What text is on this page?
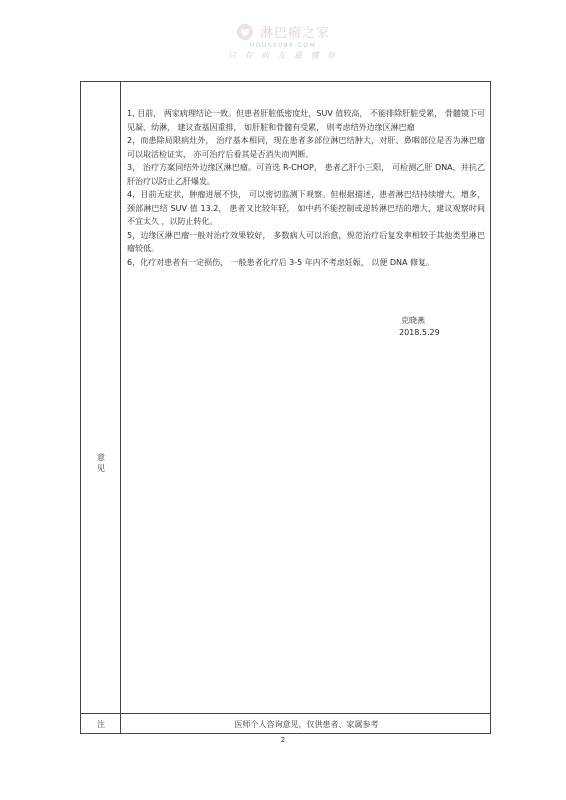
淋巴瘤之家
HOUSE086.COM
只 有 病 友 最 懂 你
意
见

1, 目前， 两家病理结论一致。但患者肝脏低密度灶，SUV 值较高， 不能排除肝脏受累， 骨髓镜下可见凝、幼淋， 建议查基因重排， 如肝脏和骨髓有受累， 则考虑结外边缘区淋巴瘤

2，而患除局限病灶外， 治疗基本相同，现在患者多部位淋巴结肿大，对肝、鼻咽部位是否为淋巴瘤可以取活检证实， 亦可治疗后看其是否消失而判断。

3， 治疗方案同结外边缘区淋巴瘤。可首选 R-CHOP， 患者乙肝小三阳， 可检测乙肝 DNA，并抗乙肝治疗以防止乙肝爆发。

4，目前无症状，肿瘤进展不快， 可以密切监测下观察。但根据描述，患者淋巴结持续增大，增多，颈部淋巴结 SUV 值 13.2， 患者又比较年轻， 如中药不能控制或逆转淋巴结的增大，建议观察时间不宜太久 ，以防止转化。

5，边缘区淋巴瘤一般对治疗效果较好， 多数病人可以治愈，规范治疗后复发率相较于其他类型淋巴瘤较低。

6，化疗对患者有一定损伤， 一般患者化疗后 3-5 年内不考虑妊娠， 以便 DNA 修复。

克晓燕
2018.5.29
注	医师个人咨询意见，仅供患者、家属参考
2
